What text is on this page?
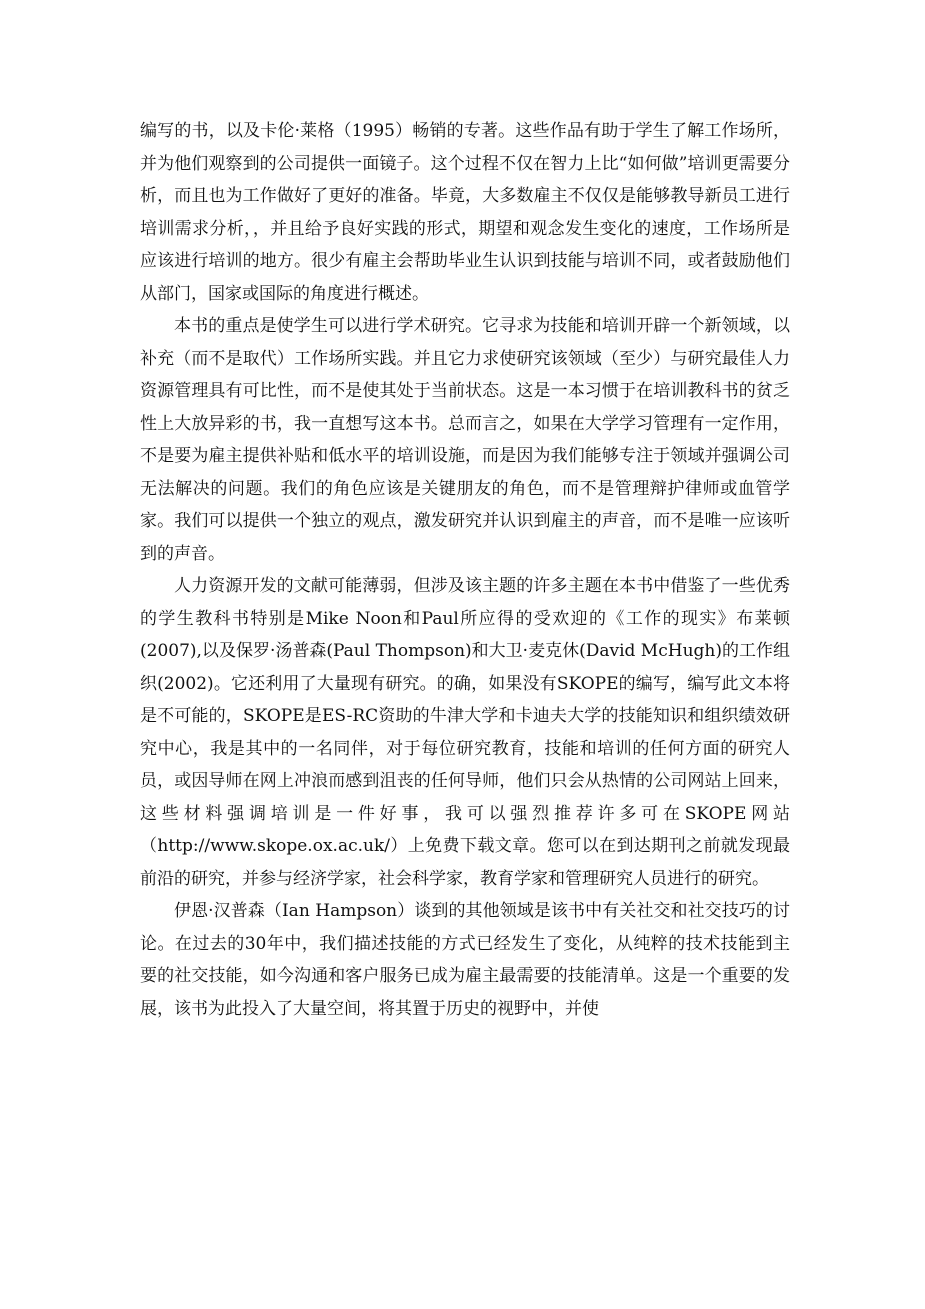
编写的书，以及卡伦·莱格（1995）畅销的专著。这些作品有助于学生了解工作场所，并为他们观察到的公司提供一面镜子。这个过程不仅在智力上比“如何做”培训更需要分析，而且也为工作做好了更好的准备。毕竟，大多数雇主不仅仅是能够教导新员工进行培训需求分析，，并且给予良好实践的形式，期望和观念发生变化的速度，工作场所是应该进行培训的地方。很少有雇主会帮助毕业生认识到技能与培训不同，或者鼓励他们从部门，国家或国际的角度进行概述。

本书的重点是使学生可以进行学术研究。它寻求为技能和培训开辟一个新领域，以补充（而不是取代）工作场所实践。并且它力求使研究该领域（至少）与研究最佳人力资源管理具有可比性，而不是使其处于当前状态。这是一本习惯于在培训教科书的贫乏性上大放异彩的书，我一直想写这本书。总而言之，如果在大学学习管理有一定作用，不是要为雇主提供补贴和低水平的培训设施，而是因为我们能够专注于领域并强调公司无法解决的问题。我们的角色应该是关键朋友的角色，而不是管理辩护律师或血管学家。我们可以提供一个独立的观点，激发研究并认识到雇主的声音，而不是唯一应该听到的声音。

人力资源开发的文献可能薄弱，但涉及该主题的许多主题在本书中借鉴了一些优秀的学生教科书特别是Mike Noon和Paul所应得的受欢迎的《工作的现实》布莱顿(2007),以及保罗·汤普森(Paul Thompson)和大卫·麦克休(David McHugh)的工作组织(2002)。它还利用了大量现有研究。的确，如果没有SKOPE的编写，编写此文本将是不可能的，SKOPE是ES-RC资助的牛津大学和卡迪夫大学的技能知识和组织绩效研究中心，我是其中的一名同伴，对于每位研究教育，技能和培训的任何方面的研究人员，或因导师在网上冲浪而感到沮丧的任何导师，他们只会从热情的公司网站上回来，这些材料强调培训是一件好事，我可以强烈推荐许多可在SKOPE网站（http://www.skope.ox.ac.uk/）上免费下载文章。您可以在到达期刊之前就发现最前沿的研究，并参与经济学家，社会科学家，教育学家和管理研究人员进行的研究。

伊恩·汉普森（Ian Hampson）谈到的其他领域是该书中有关社交和社交技巧的讨论。在过去的30年中，我们描述技能的方式已经发生了变化，从纯粹的技术技能到主要的社交技能，如今沟通和客户服务已成为雇主最需要的技能清单。这是一个重要的发展，该书为此投入了大量空间，将其置于历史的视野中，并使
